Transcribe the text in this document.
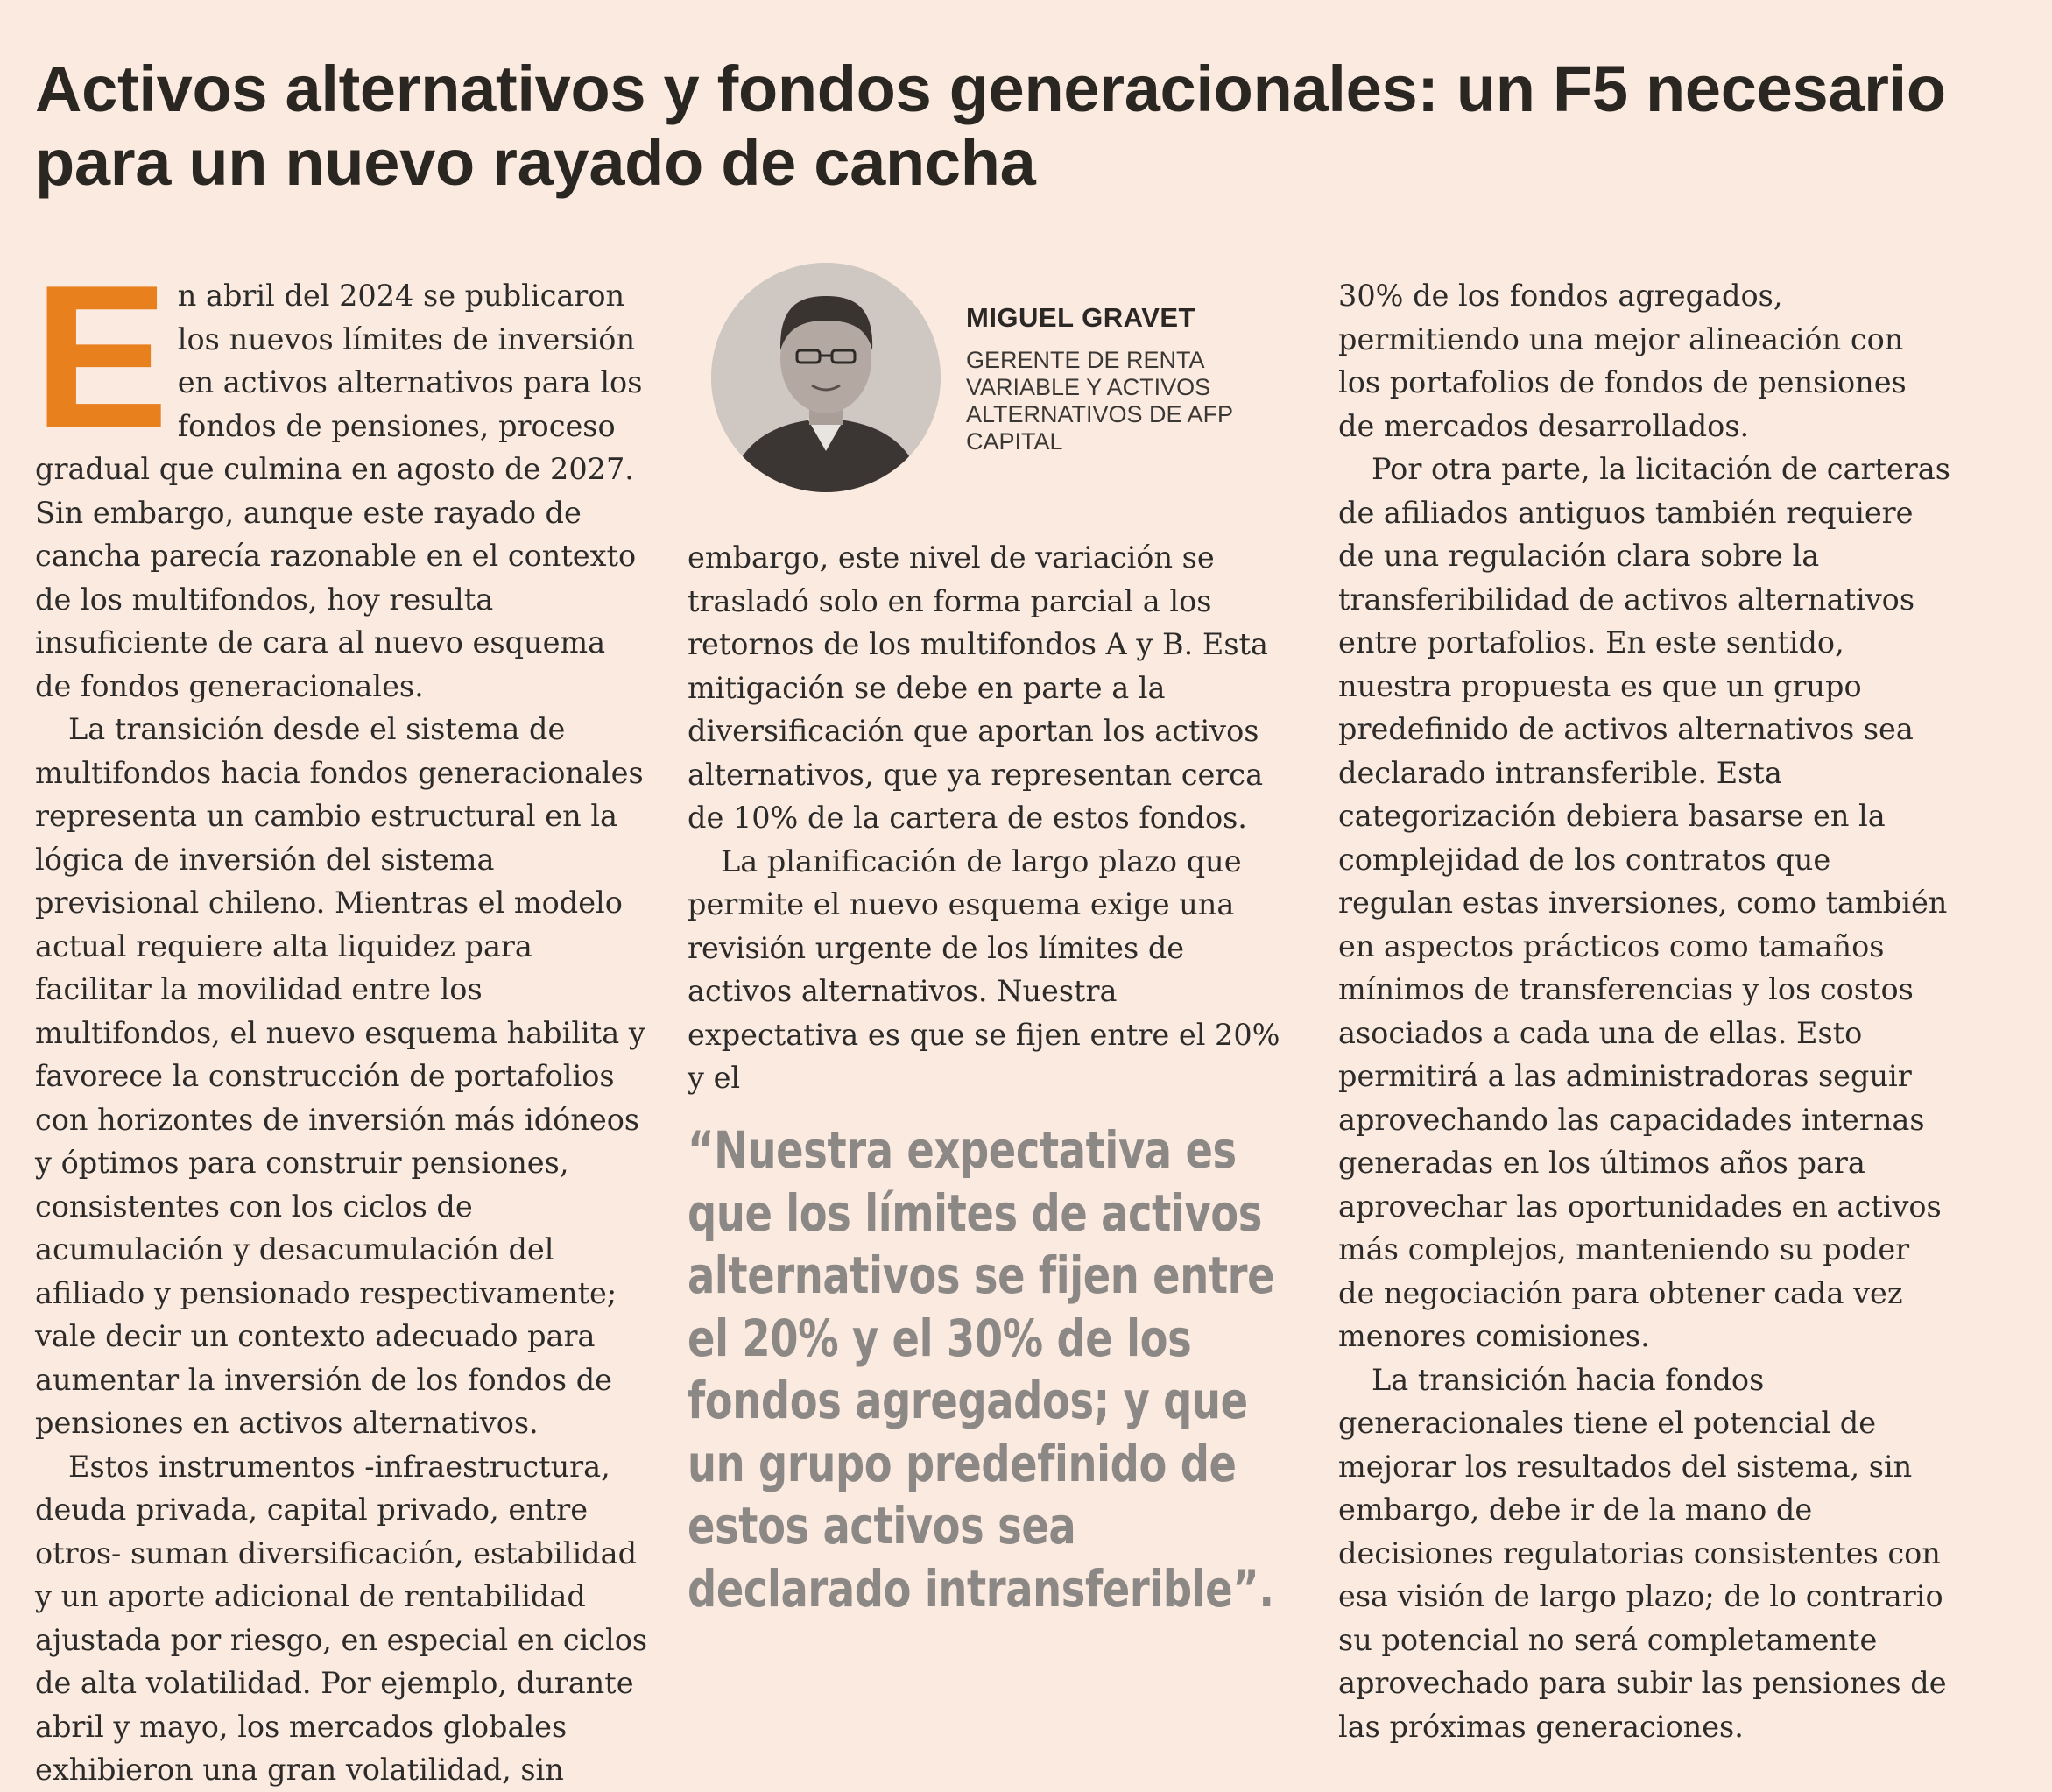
Activos alternativos y fondos generacionales: un F5 necesario para un nuevo rayado de cancha

En abril del 2024 se publicaron los nuevos límites de inversión en activos alternativos para los fondos de pensiones, proceso gradual que culmina en agosto de 2027. Sin embargo, aunque este rayado de cancha parecía razonable en el contexto de los multifondos, hoy resulta insuficiente de cara al nuevo esquema de fondos generacionales.

La transición desde el sistema de multifondos hacia fondos generacionales representa un cambio estructural en la lógica de inversión del sistema previsional chileno. Mientras el modelo actual requiere alta liquidez para facilitar la movilidad entre los multifondos, el nuevo esquema habilita y favorece la construcción de portafolios con horizontes de inversión más idóneos y óptimos para construir pensiones, consistentes con los ciclos de acumulación y desacumulación del afiliado y pensionado respectivamente; vale decir un contexto adecuado para aumentar la inversión de los fondos de pensiones en activos alternativos.

Estos instrumentos -infraestructura, deuda privada, capital privado, entre otros- suman diversificación, estabilidad y un aporte adicional de rentabilidad ajustada por riesgo, en especial en ciclos de alta volatilidad. Por ejemplo, durante abril y mayo, los mercados globales exhibieron una gran volatilidad, sin

MIGUEL GRAVET
GERENTE DE RENTA VARIABLE Y ACTIVOS ALTERNATIVOS DE AFP CAPITAL

embargo, este nivel de variación se trasladó solo en forma parcial a los retornos de los multifondos A y B. Esta mitigación se debe en parte a la diversificación que aportan los activos alternativos, que ya representan cerca de 10% de la cartera de estos fondos.

La planificación de largo plazo que permite el nuevo esquema exige una revisión urgente de los límites de activos alternativos. Nuestra expectativa es que se fijen entre el 20% y el

“Nuestra expectativa es que los límites de activos alternativos se fijen entre el 20% y el 30% de los fondos agregados; y que un grupo predefinido de estos activos sea declarado intransferible”.

30% de los fondos agregados, permitiendo una mejor alineación con los portafolios de fondos de pensiones de mercados desarrollados.

Por otra parte, la licitación de carteras de afiliados antiguos también requiere de una regulación clara sobre la transferibilidad de activos alternativos entre portafolios. En este sentido, nuestra propuesta es que un grupo predefinido de activos alternativos sea declarado intransferible. Esta categorización debiera basarse en la complejidad de los contratos que regulan estas inversiones, como también en aspectos prácticos como tamaños mínimos de transferencias y los costos asociados a cada una de ellas. Esto permitirá a las administradoras seguir aprovechando las capacidades internas generadas en los últimos años para aprovechar las oportunidades en activos más complejos, manteniendo su poder de negociación para obtener cada vez menores comisiones.

La transición hacia fondos generacionales tiene el potencial de mejorar los resultados del sistema, sin embargo, debe ir de la mano de decisiones regulatorias consistentes con esa visión de largo plazo; de lo contrario su potencial no será completamente aprovechado para subir las pensiones de las próximas generaciones.
